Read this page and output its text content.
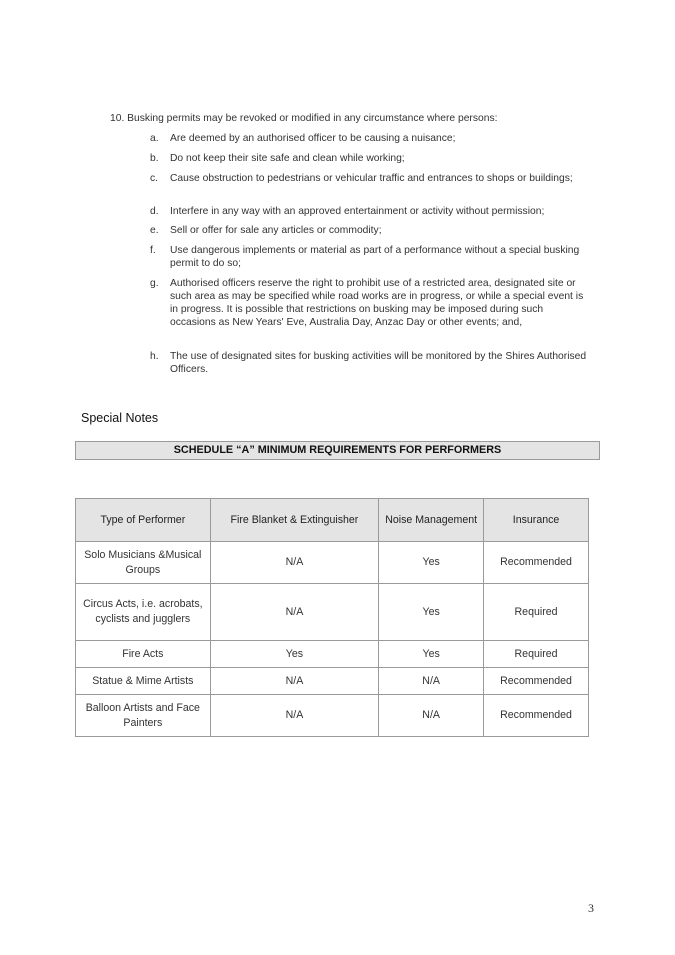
10. Busking permits may be revoked or modified in any circumstance where persons:
a.	Are deemed by an authorised officer to be causing a nuisance;
b.	Do not keep their site safe and clean while working;
c.	Cause obstruction to pedestrians or vehicular traffic and entrances to shops or buildings;
d.	Interfere in any way with an approved entertainment or activity without permission;
e.	Sell or offer for sale any articles or commodity;
f.	Use dangerous implements or material as part of a performance without a special busking permit to do so;
g.	Authorised officers reserve the right to prohibit use of a restricted area, designated site or such area as may be specified while road works are in progress, or while a special event is in progress. It is possible that restrictions on busking may be imposed during such occasions as New Years' Eve, Australia Day, Anzac Day or other events; and,
h.	The use of designated sites for busking activities will be monitored by the Shires Authorised Officers.
Special Notes
SCHEDULE “A” MINIMUM REQUIREMENTS FOR PERFORMERS
Type of Performer	Fire Blanket & Extinguisher	Noise Management	Insurance
Solo Musicians &Musical Groups	N/A	Yes	Recommended
Circus Acts, i.e. acrobats, cyclists and jugglers	N/A	Yes	Required
Fire Acts	Yes	Yes	Required
Statue & Mime Artists	N/A	N/A	Recommended
Balloon Artists and Face Painters	N/A	N/A	Recommended
3
